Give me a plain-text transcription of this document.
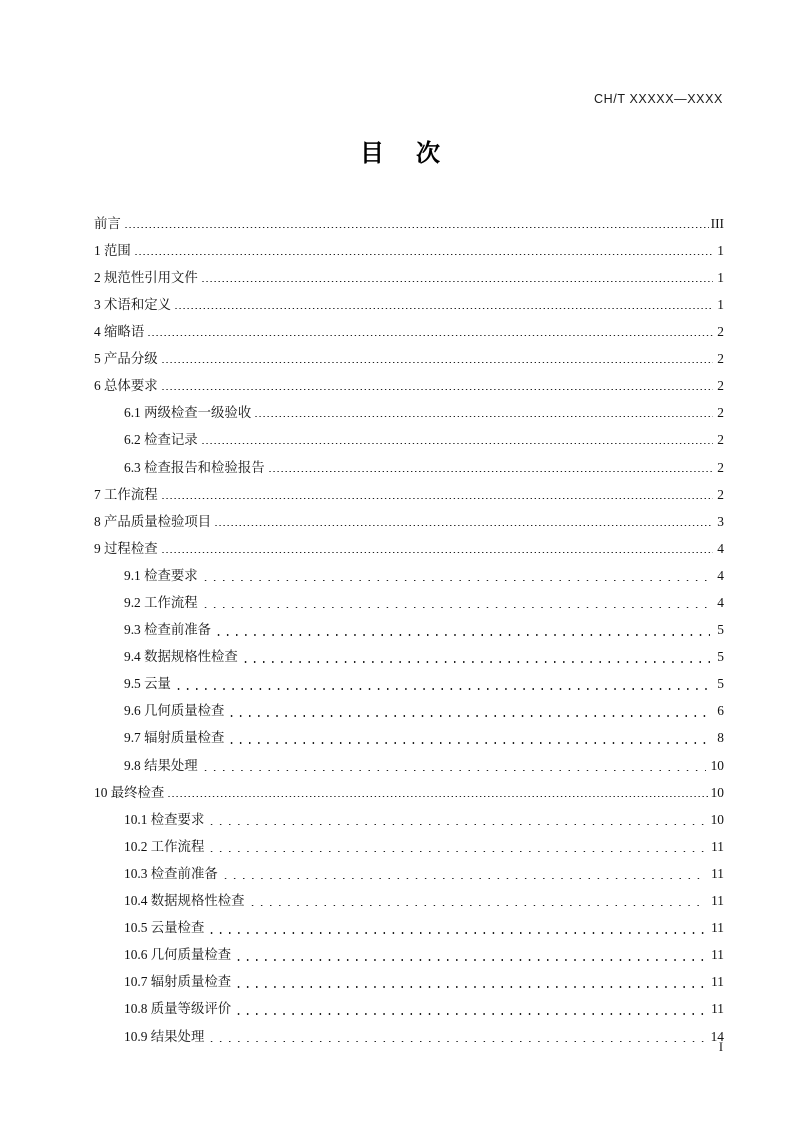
CH/T XXXXX—XXXX
目 次
前言	III
1 范围	1
2 规范性引用文件	1
3 术语和定义	1
4 缩略语	2
5 产品分级	2
6 总体要求	2
6.1 两级检查一级验收	2
6.2 检查记录	2
6.3 检查报告和检验报告	2
7 工作流程	2
8 产品质量检验项目	3
9 过程检查	4
9.1 检查要求	4
9.2 工作流程	4
9.3 检查前准备	5
9.4 数据规格性检查	5
9.5 云量	5
9.6 几何质量检查	6
9.7 辐射质量检查	8
9.8 结果处理	10
10 最终检查	10
10.1 检查要求	10
10.2 工作流程	11
10.3 检查前准备	11
10.4 数据规格性检查	11
10.5 云量检查	11
10.6 几何质量检查	11
10.7 辐射质量检查	11
10.8 质量等级评价	11
10.9 结果处理	14
I
